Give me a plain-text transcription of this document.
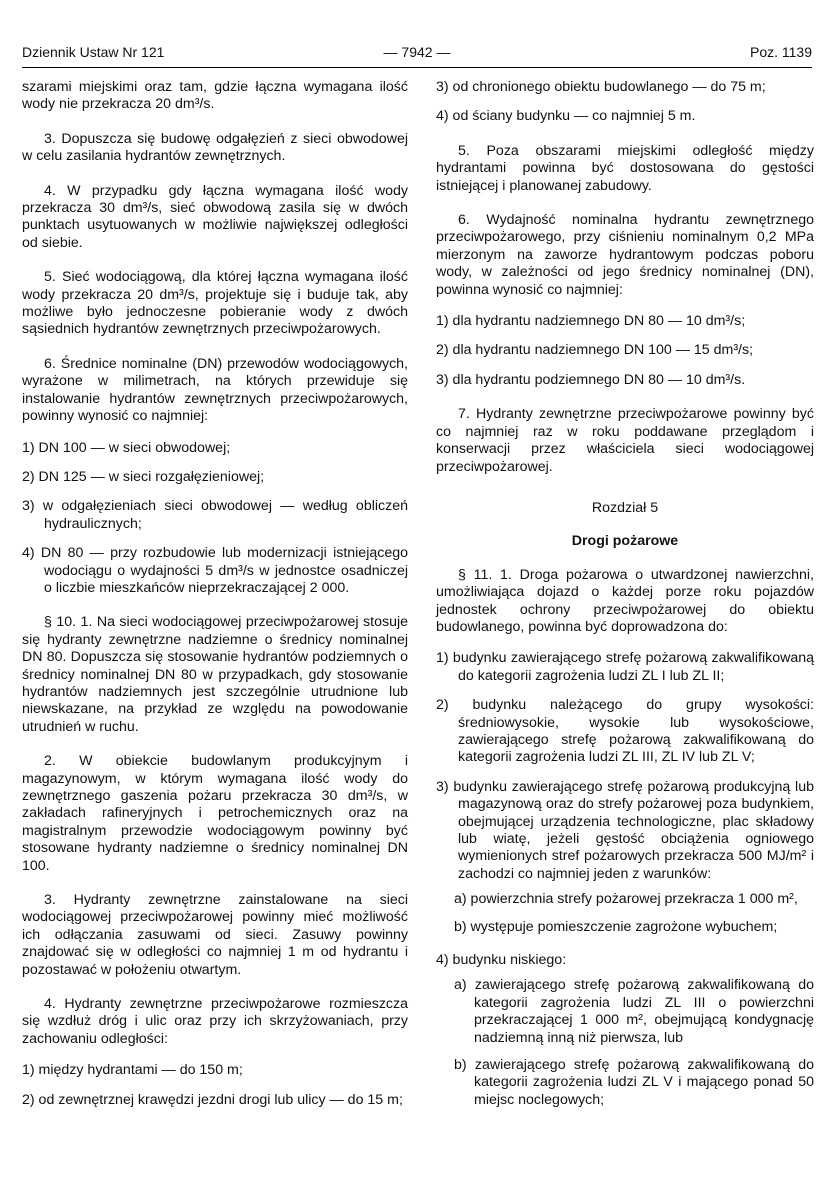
Dziennik Ustaw Nr 121	— 7942 —	Poz. 1139

szarami miejskimi oraz tam, gdzie łączna wymagana ilość wody nie przekracza 20 dm³/s.

3. Dopuszcza się budowę odgałęzień z sieci obwodowej w celu zasilania hydrantów zewnętrznych.

4. W przypadku gdy łączna wymagana ilość wody przekracza 30 dm³/s, sieć obwodową zasila się w dwóch punktach usytuowanych w możliwie największej odległości od siebie.

5. Sieć wodociągową, dla której łączna wymagana ilość wody przekracza 20 dm³/s, projektuje się i buduje tak, aby możliwe było jednoczesne pobieranie wody z dwóch sąsiednich hydrantów zewnętrznych przeciwpożarowych.

6. Średnice nominalne (DN) przewodów wodociągowych, wyrażone w milimetrach, na których przewiduje się instalowanie hydrantów zewnętrznych przeciwpożarowych, powinny wynosić co najmniej:

1) DN 100 — w sieci obwodowej;

2) DN 125 — w sieci rozgałęzieniowej;

3) w odgałęzieniach sieci obwodowej — według obliczeń hydraulicznych;

4) DN 80 — przy rozbudowie lub modernizacji istniejącego wodociągu o wydajności 5 dm³/s w jednostce osadniczej o liczbie mieszkańców nieprzekraczającej 2 000.

§ 10. 1. Na sieci wodociągowej przeciwpożarowej stosuje się hydranty zewnętrzne nadziemne o średnicy nominalnej DN 80. Dopuszcza się stosowanie hydrantów podziemnych o średnicy nominalnej DN 80 w przypadkach, gdy stosowanie hydrantów nadziemnych jest szczególnie utrudnione lub niewskazane, na przykład ze względu na powodowanie utrudnień w ruchu.

2. W obiekcie budowlanym produkcyjnym i magazynowym, w którym wymagana ilość wody do zewnętrznego gaszenia pożaru przekracza 30 dm³/s, w zakładach rafineryjnych i petrochemicznych oraz na magistralnym przewodzie wodociągowym powinny być stosowane hydranty nadziemne o średnicy nominalnej DN 100.

3. Hydranty zewnętrzne zainstalowane na sieci wodociągowej przeciwpożarowej powinny mieć możliwość ich odłączania zasuwami od sieci. Zasuwy powinny znajdować się w odległości co najmniej 1 m od hydrantu i pozostawać w położeniu otwartym.

4. Hydranty zewnętrzne przeciwpożarowe rozmieszcza się wzdłuż dróg i ulic oraz przy ich skrzyżowaniach, przy zachowaniu odległości:

1) między hydrantami — do 150 m;

2) od zewnętrznej krawędzi jezdni drogi lub ulicy — do 15 m;

3) od chronionego obiektu budowlanego — do 75 m;

4) od ściany budynku — co najmniej 5 m.

5. Poza obszarami miejskimi odległość między hydrantami powinna być dostosowana do gęstości istniejącej i planowanej zabudowy.

6. Wydajność nominalna hydrantu zewnętrznego przeciwpożarowego, przy ciśnieniu nominalnym 0,2 MPa mierzonym na zaworze hydrantowym podczas poboru wody, w zależności od jego średnicy nominalnej (DN), powinna wynosić co najmniej:

1) dla hydrantu nadziemnego DN 80 — 10 dm³/s;

2) dla hydrantu nadziemnego DN 100 — 15 dm³/s;

3) dla hydrantu podziemnego DN 80 — 10 dm³/s.

7. Hydranty zewnętrzne przeciwpożarowe powinny być co najmniej raz w roku poddawane przeglądom i konserwacji przez właściciela sieci wodociągowej przeciwpożarowej.

Rozdział 5

Drogi pożarowe

§ 11. 1. Droga pożarowa o utwardzonej nawierzchni, umożliwiająca dojazd o każdej porze roku pojazdów jednostek ochrony przeciwpożarowej do obiektu budowlanego, powinna być doprowadzona do:

1) budynku zawierającego strefę pożarową zakwalifikowaną do kategorii zagrożenia ludzi ZL I lub ZL II;

2) budynku należącego do grupy wysokości: średniowysokie, wysokie lub wysokościowe, zawierającego strefę pożarową zakwalifikowaną do kategorii zagrożenia ludzi ZL III, ZL IV lub ZL V;

3) budynku zawierającego strefę pożarową produkcyjną lub magazynową oraz do strefy pożarowej poza budynkiem, obejmującej urządzenia technologiczne, plac składowy lub wiatę, jeżeli gęstość obciążenia ogniowego wymienionych stref pożarowych przekracza 500 MJ/m² i zachodzi co najmniej jeden z warunków:

a) powierzchnia strefy pożarowej przekracza 1 000 m²,

b) występuje pomieszczenie zagrożone wybuchem;

4) budynku niskiego:

a) zawierającego strefę pożarową zakwalifikowaną do kategorii zagrożenia ludzi ZL III o powierzchni przekraczającej 1 000 m², obejmującą kondygnację nadziemną inną niż pierwsza, lub

b) zawierającego strefę pożarową zakwalifikowaną do kategorii zagrożenia ludzi ZL V i mającego ponad 50 miejsc noclegowych;
